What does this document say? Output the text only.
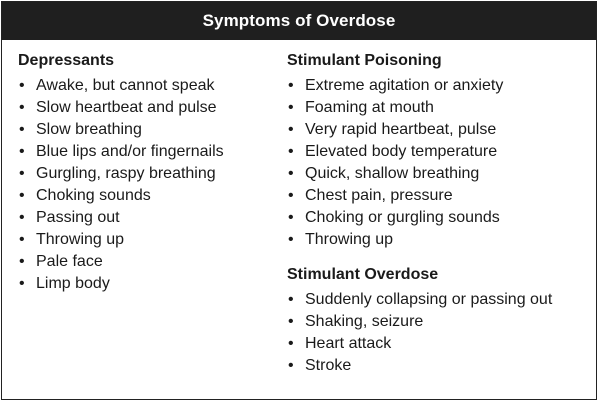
Symptoms of Overdose
Depressants
• Awake, but cannot speak
• Slow heartbeat and pulse
• Slow breathing
• Blue lips and/or fingernails
• Gurgling, raspy breathing
• Choking sounds
• Passing out
• Throwing up
• Pale face
• Limp body
Stimulant Poisoning
• Extreme agitation or anxiety
• Foaming at mouth
• Very rapid heartbeat, pulse
• Elevated body temperature
• Quick, shallow breathing
• Chest pain, pressure
• Choking or gurgling sounds
• Throwing up
Stimulant Overdose
• Suddenly collapsing or passing out
• Shaking, seizure
• Heart attack
• Stroke
